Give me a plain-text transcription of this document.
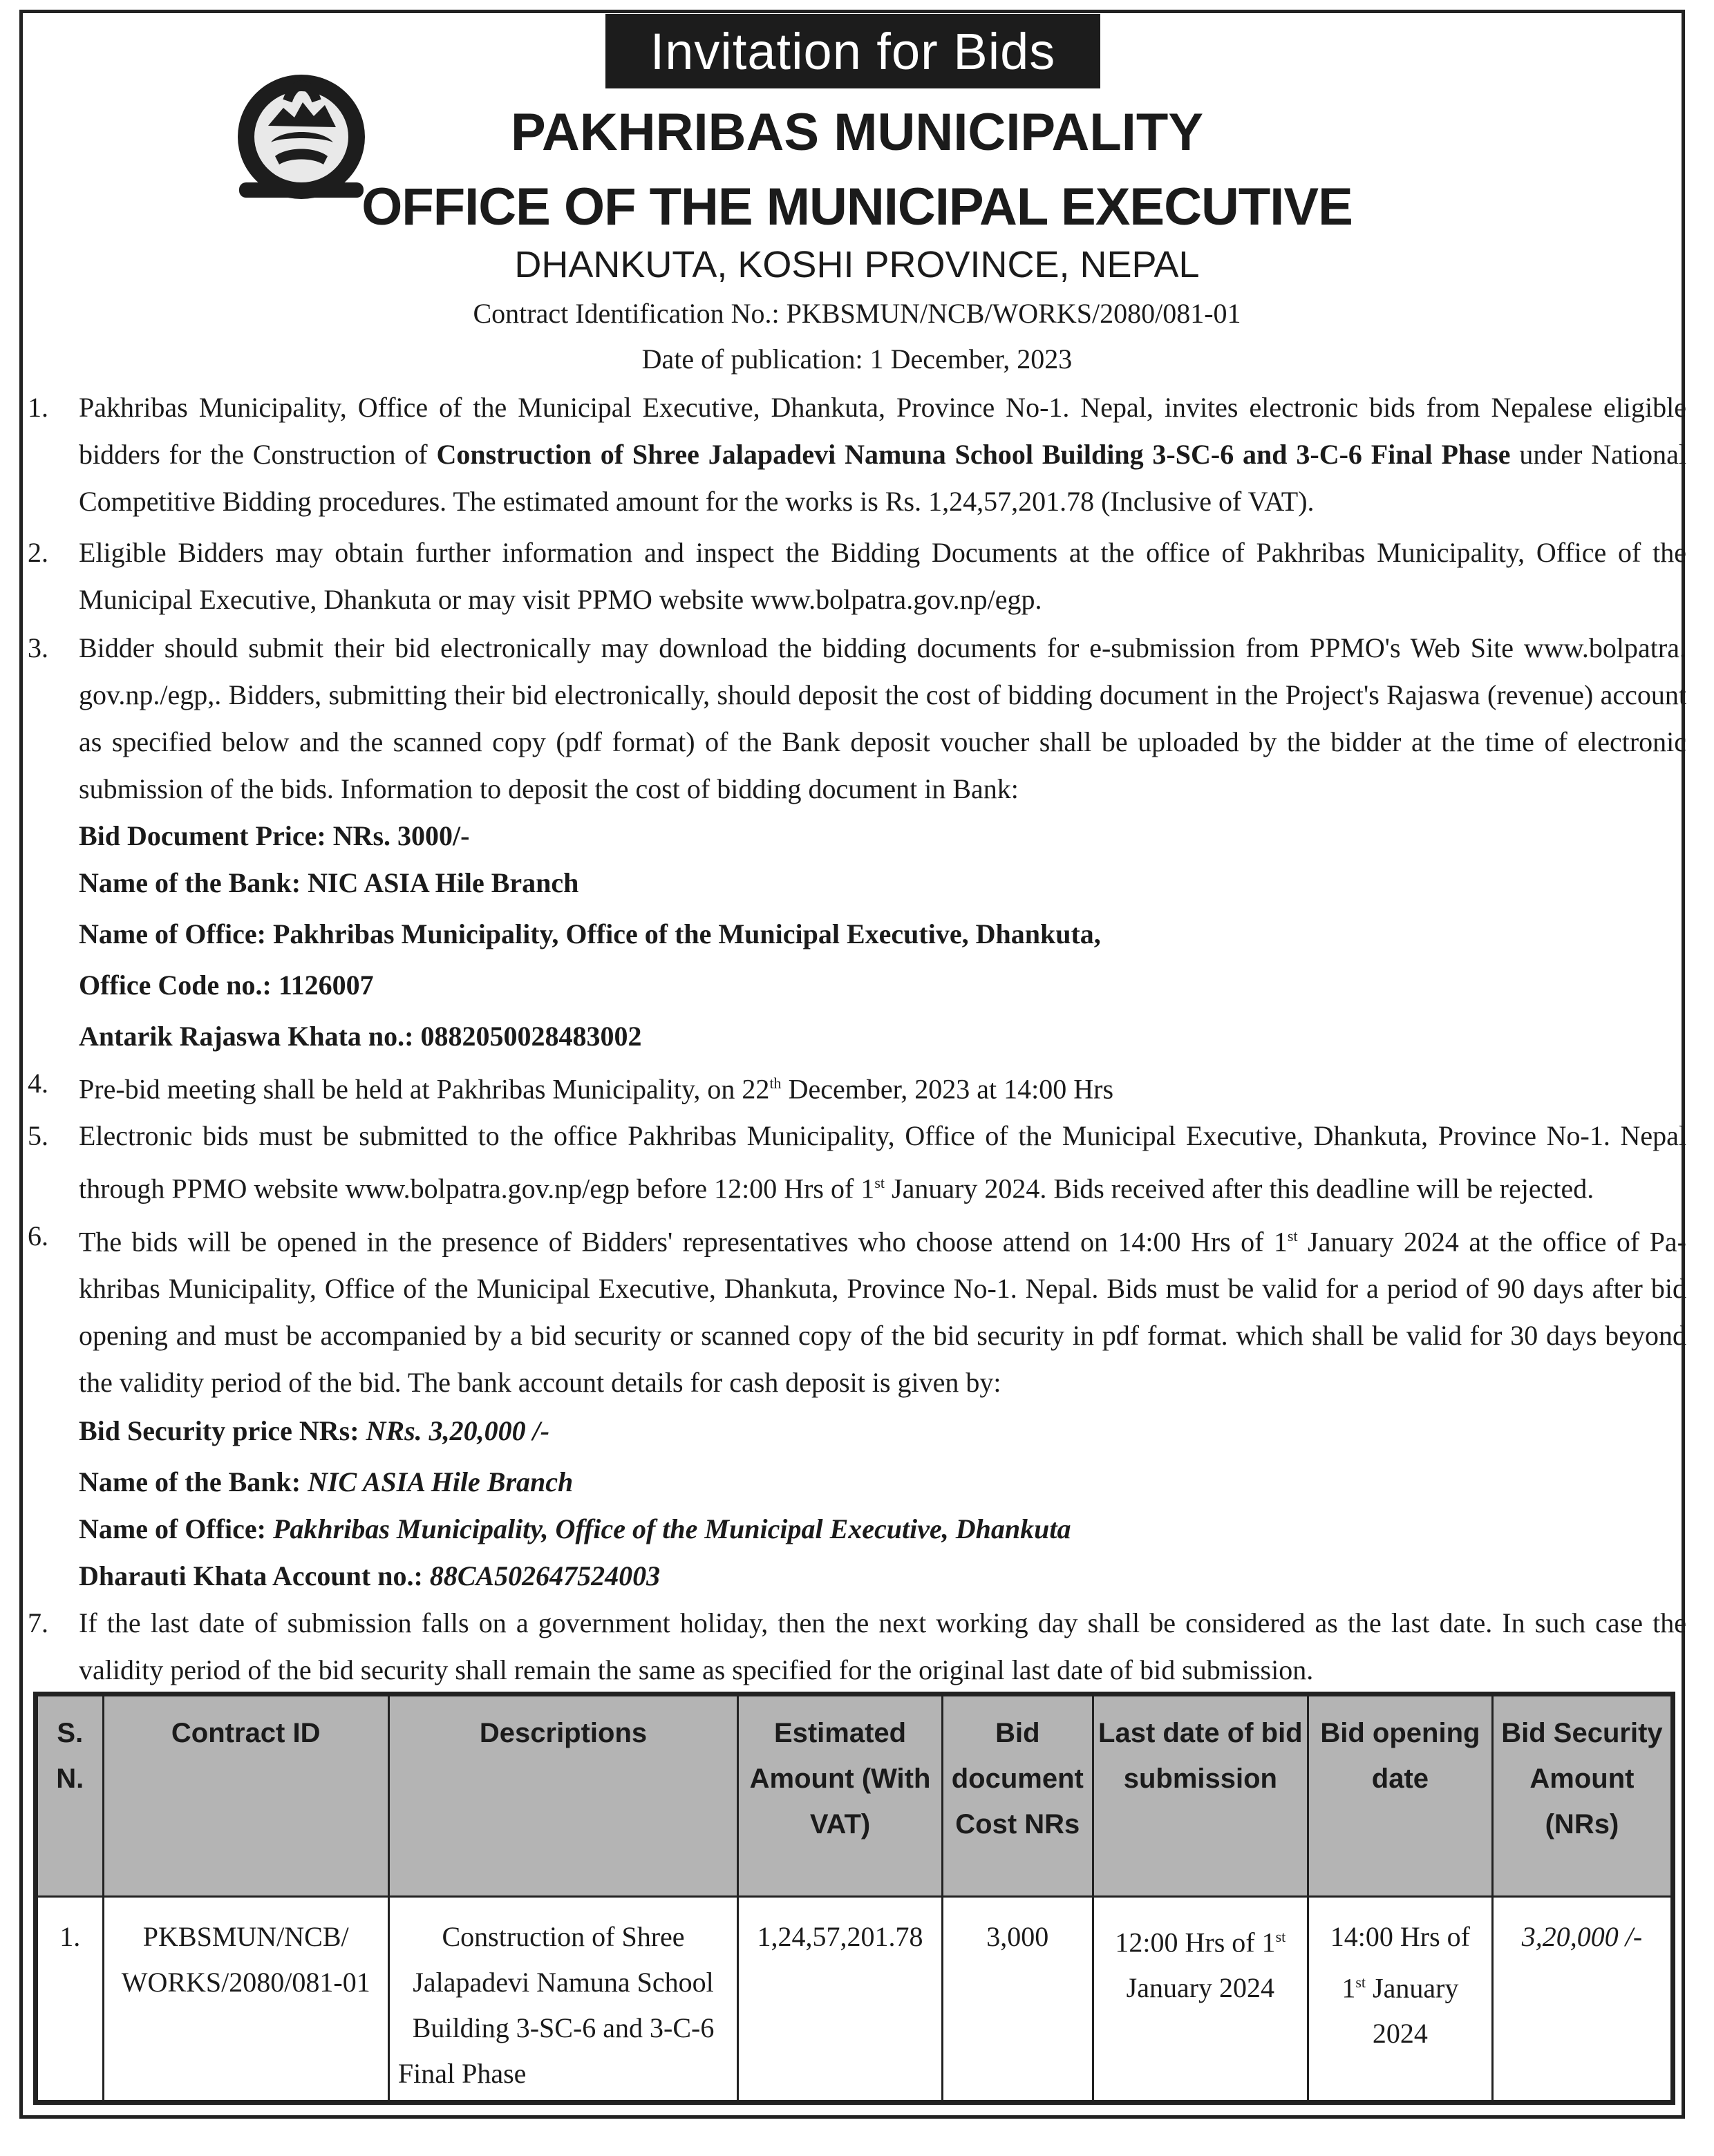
Invitation for Bids
PAKHRIBAS MUNICIPALITY
OFFICE OF THE MUNICIPAL EXECUTIVE
DHANKUTA, KOSHI PROVINCE, NEPAL
Contract Identification No.: PKBSMUN/NCB/WORKS/2080/081-01
Date of publication: 1 December, 2023

1. Pakhribas Municipality, Office of the Municipal Executive, Dhankuta, Province No-1. Nepal, invites electronic bids from Nepalese eligible bidders for the Construction of Construction of Shree Jalapadevi Namuna School Building 3-SC-6 and 3-C-6 Final Phase under National Competitive Bidding procedures. The estimated amount for the works is Rs. 1,24,57,201.78 (Inclusive of VAT).

2. Eligible Bidders may obtain further information and inspect the Bidding Documents at the office of Pakhribas Municipality, Office of the Municipal Executive, Dhankuta or may visit PPMO website www.bolpatra.gov.np/egp.

3. Bidder should submit their bid electronically may download the bidding documents for e-submission from PPMO's Web Site www.bolpatra. gov.np./egp,. Bidders, submitting their bid electronically, should deposit the cost of bidding document in the Project's Rajaswa (revenue) account as specified below and the scanned copy (pdf format) of the Bank deposit voucher shall be uploaded by the bidder at the time of electronic submission of the bids. Information to deposit the cost of bidding document in Bank:

Bid Document Price: NRs. 3000/-

Name of the Bank: NIC ASIA Hile Branch

Name of Office: Pakhribas Municipality, Office of the Municipal Executive, Dhankuta,

Office Code no.: 1126007

Antarik Rajaswa Khata no.: 0882050028483002

4. Pre-bid meeting shall be held at Pakhribas Municipality, on 22th December, 2023 at 14:00 Hrs

5. Electronic bids must be submitted to the office Pakhribas Municipality, Office of the Municipal Executive, Dhankuta, Province No-1. Nepal through PPMO website www.bolpatra.gov.np/egp before 12:00 Hrs of 1st January 2024. Bids received after this deadline will be rejected.

6. The bids will be opened in the presence of Bidders' representatives who choose attend on 14:00 Hrs of 1st January 2024 at the office of Pa-khribas Municipality, Office of the Municipal Executive, Dhankuta, Province No-1. Nepal. Bids must be valid for a period of 90 days after bid opening and must be accompanied by a bid security or scanned copy of the bid security in pdf format. which shall be valid for 30 days beyond the validity period of the bid. The bank account details for cash deposit is given by:

Bid Security price NRs: NRs. 3,20,000 /-

Name of the Bank: NIC ASIA Hile Branch

Name of Office: Pakhribas Municipality, Office of the Municipal Executive, Dhankuta

Dharauti Khata Account no.: 88CA502647524003

7. If the last date of submission falls on a government holiday, then the next working day shall be considered as the last date. In such case the validity period of the bid security shall remain the same as specified for the original last date of bid submission.

S. N.	Contract ID	Descriptions	Estimated Amount (With VAT)	Bid document Cost NRs	Last date of bid submission	Bid opening date	Bid Security Amount (NRs)
1.	PKBSMUN/NCB/ WORKS/2080/081-01	Construction of Shree Jalapadevi Namuna School Building 3-SC-6 and 3-C-6 Final Phase	1,24,57,201.78	3,000	12:00 Hrs of 1st January 2024	14:00 Hrs of 1st January 2024	3,20,000 /-
